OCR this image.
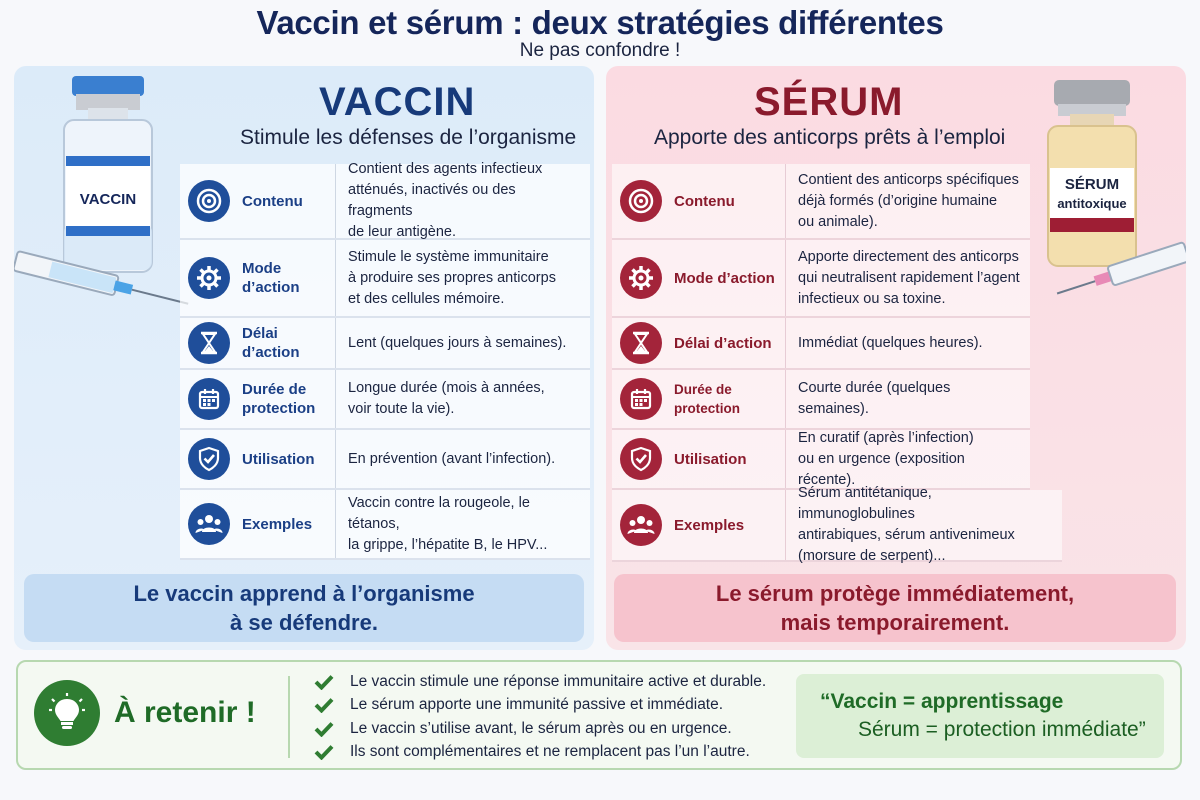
Vaccin et sérum : deux stratégies différentes
Ne pas confondre !
VACCIN
VACCIN
Stimule les défenses de l’organisme
Contenu
Contient des agents infectieux
atténués, inactivés ou des fragments
de leur antigène.
Mode d’action
Stimule le système immunitaire
à produire ses propres anticorps
et des cellules mémoire.
Délai d’action
Lent (quelques jours à semaines).
Durée de protection
Longue durée (mois à années,
voir toute la vie).
Utilisation En prévention (avant l’infection).
Exemples
Vaccin contre la rougeole, le tétanos,
la grippe, l’hépatite B, le HPV...
Le vaccin apprend à l’organisme
à se défendre.
SÉRUM
antitoxique
SÉRUM
Apporte des anticorps prêts à l’emploi
Contenu
Contient des anticorps spécifiques
déjà formés (d’origine humaine
ou animale).
Mode d’action
Apporte directement des anticorps
qui neutralisent rapidement l’agent
infectieux ou sa toxine.
Délai d’action Immédiat (quelques heures).
Durée de protection
Courte durée (quelques semaines).
Utilisation
En curatif (après l’infection)
ou en urgence (exposition récente).
Exemples
Sérum antitétanique, immunoglobulines
antirabiques, sérum antivenimeux
(morsure de serpent)...
Le sérum protège immédiatement,
mais temporairement.
À retenir !
Le vaccin stimule une réponse immunitaire active et durable.
Le sérum apporte une immunité passive et immédiate.
Le vaccin s’utilise avant, le sérum après ou en urgence.
Ils sont complémentaires et ne remplacent pas l’un l’autre.
“Vaccin = apprentissage
Sérum = protection immédiate”
